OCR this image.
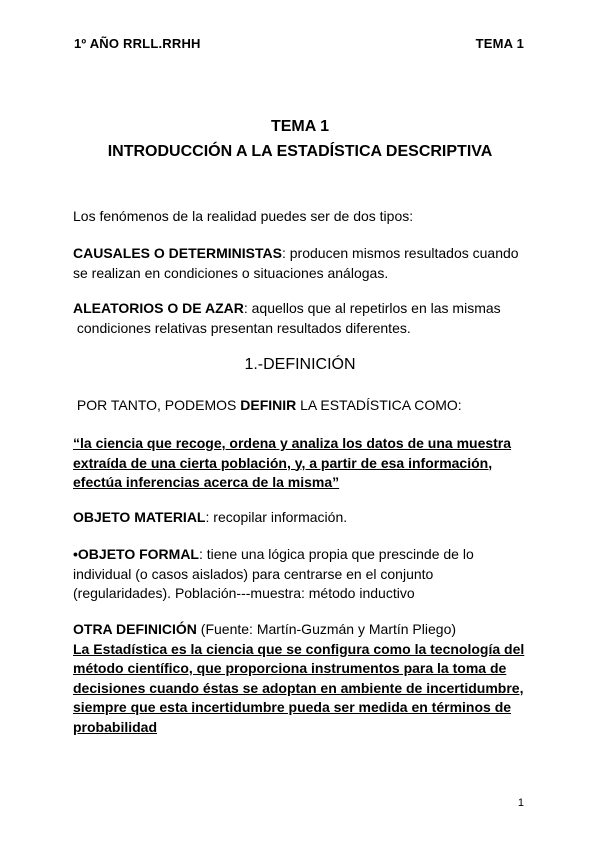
1º AÑO RRLL.RRHH	TEMA 1
TEMA 1
INTRODUCCIÓN A LA ESTADÍSTICA DESCRIPTIVA
Los fenómenos de la realidad puedes ser de dos tipos:
CAUSALES O DETERMINISTAS: producen mismos resultados cuando
se realizan en condiciones o situaciones análogas.
ALEATORIOS O DE AZAR: aquellos que al repetirlos en las mismas
condiciones relativas presentan resultados diferentes.
1.-DEFINICIÓN
POR TANTO, PODEMOS DEFINIR LA ESTADÍSTICA COMO:
“la ciencia que recoge, ordena y analiza los datos de una muestra
extraída de una cierta población, y, a partir de esa información,
efectúa inferencias acerca de la misma”
OBJETO MATERIAL: recopilar información.
•OBJETO FORMAL: tiene una lógica propia que prescinde de lo
individual (o casos aislados) para centrarse en el conjunto
(regularidades). Población---muestra: método inductivo
OTRA DEFINICIÓN (Fuente: Martín-Guzmán y Martín Pliego)
La Estadística es la ciencia que se configura como la tecnología del
método científico, que proporciona instrumentos para la toma de
decisiones cuando éstas se adoptan en ambiente de incertidumbre,
siempre que esta incertidumbre pueda ser medida en términos de
probabilidad
1
